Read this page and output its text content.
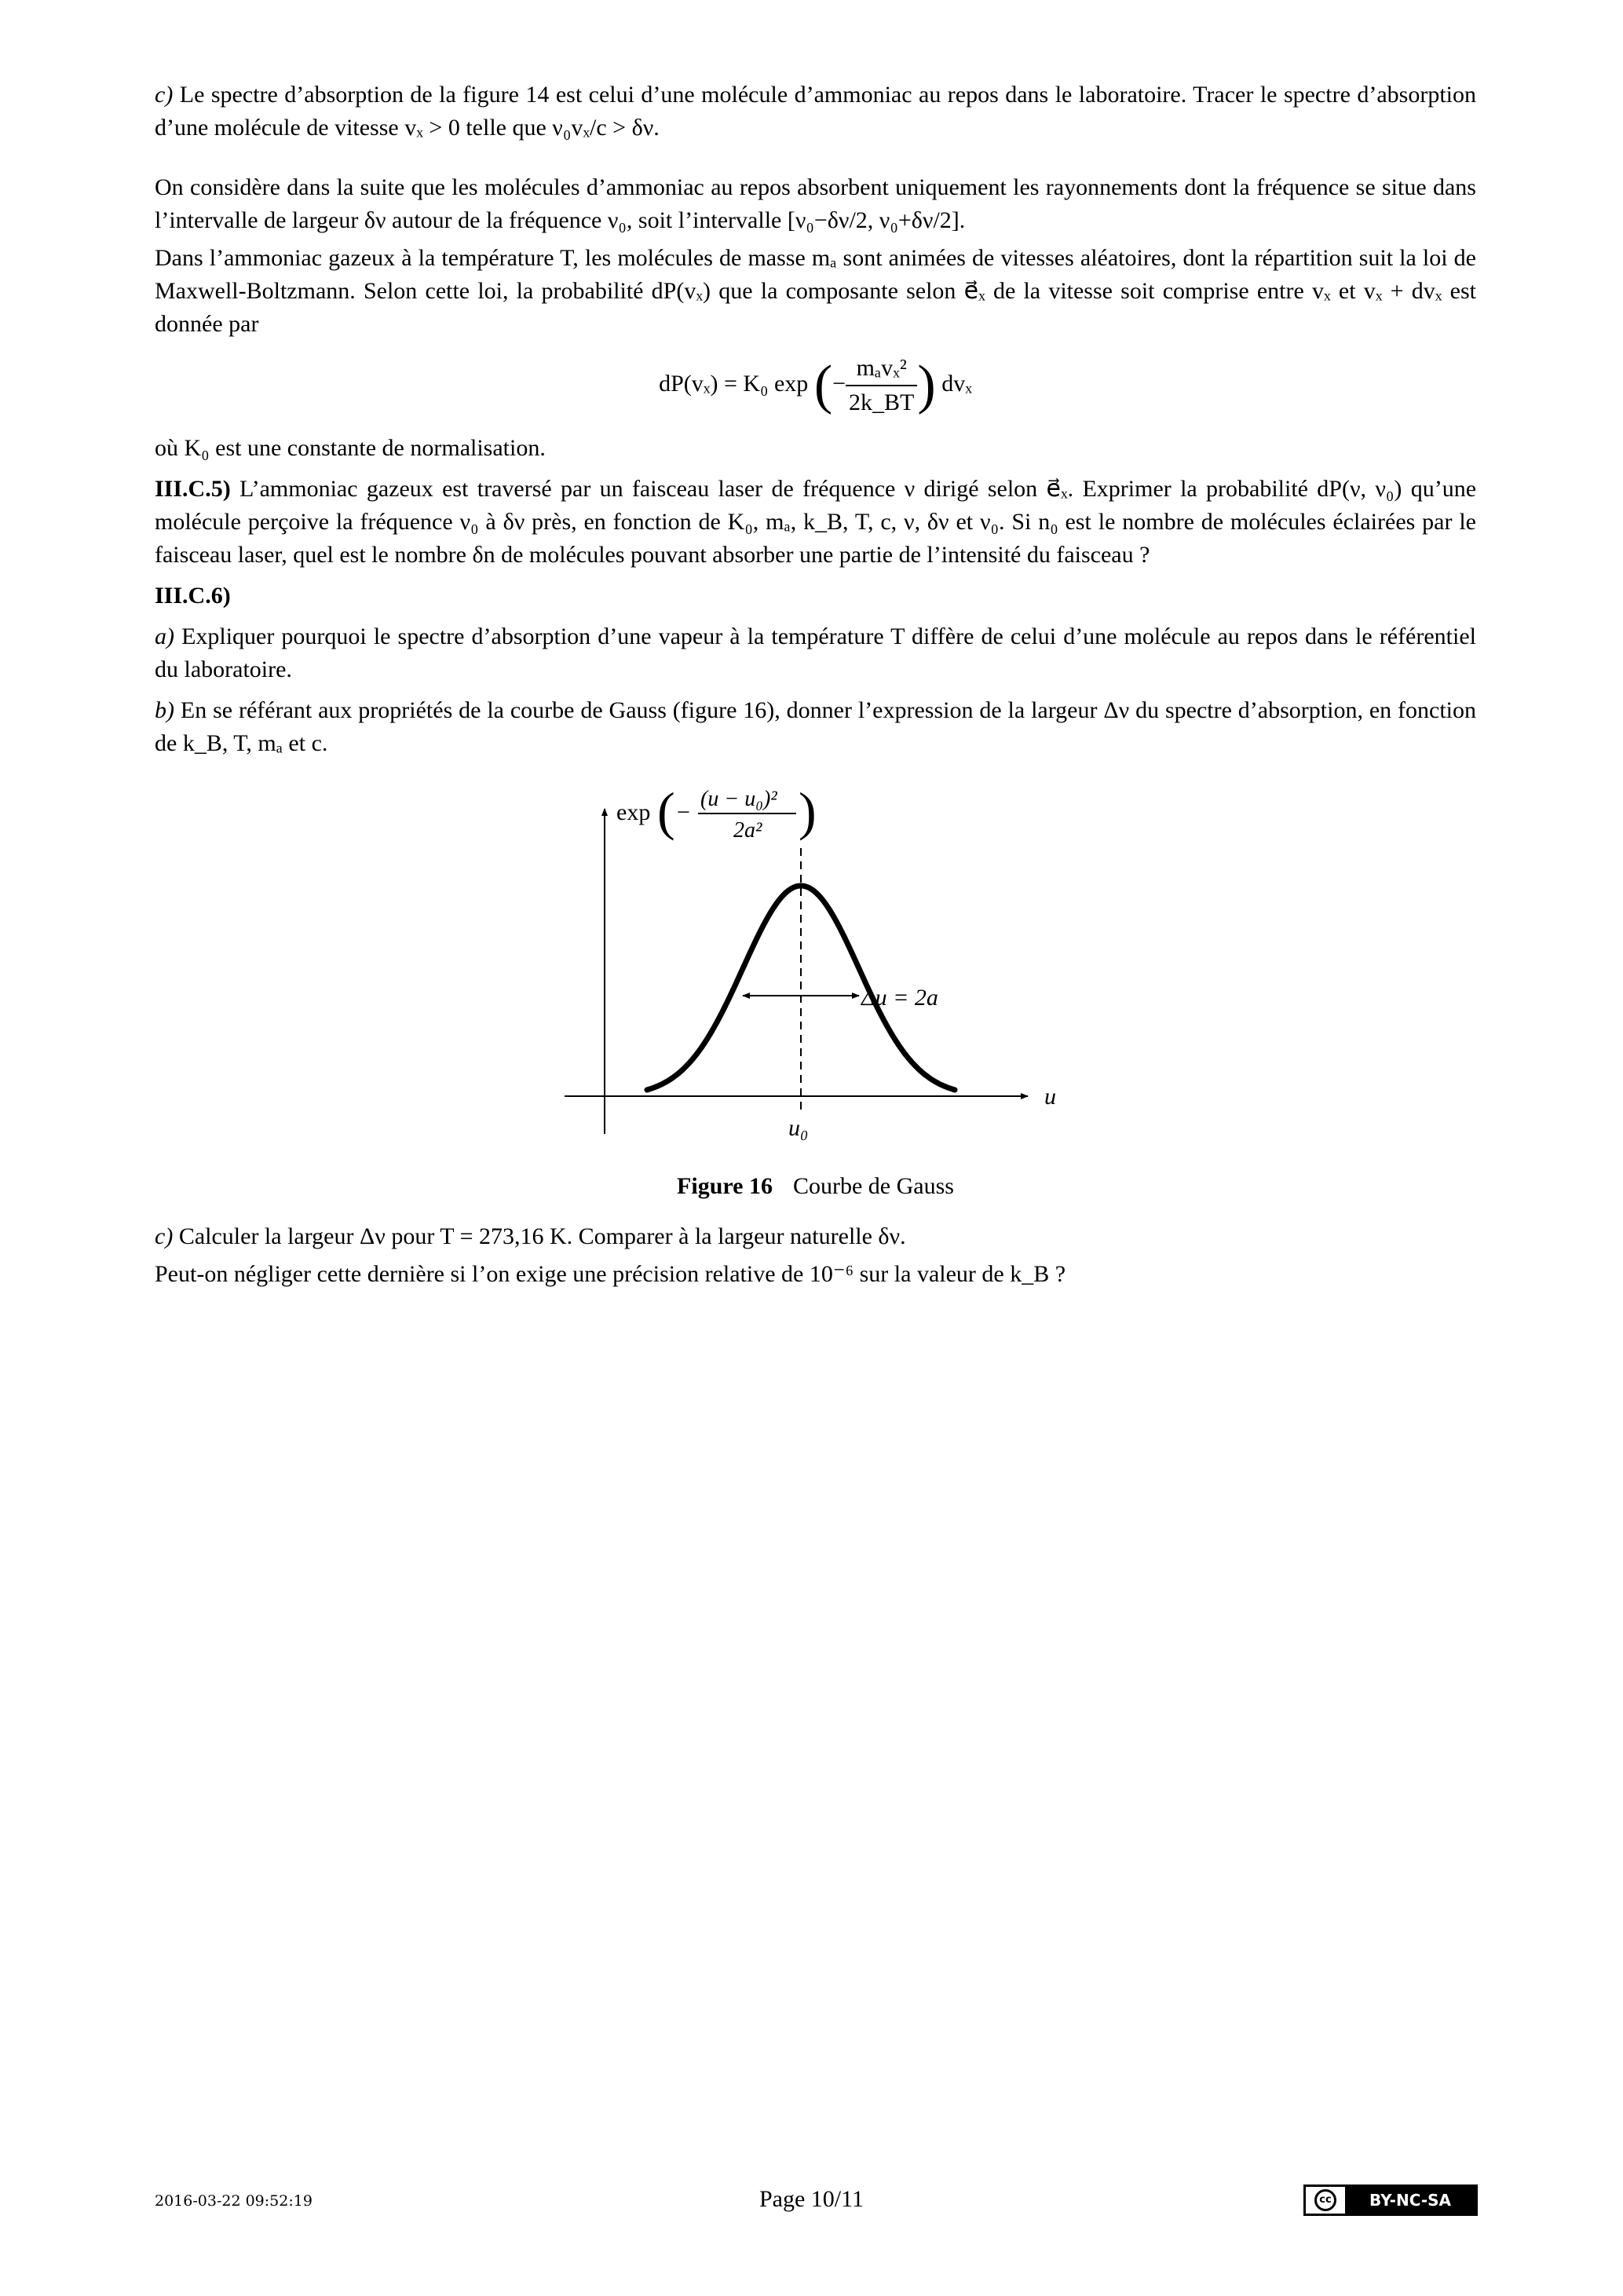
c) Le spectre d’absorption de la figure 14 est celui d’une molécule d’ammoniac au repos dans le laboratoire. Tracer le spectre d’absorption d’une molécule de vitesse vₓ > 0 telle que ν₀vₓ/c > δν.

On considère dans la suite que les molécules d’ammoniac au repos absorbent uniquement les rayonnements dont la fréquence se situe dans l’intervalle de largeur δν autour de la fréquence ν₀, soit l’intervalle [ν₀−δν/2, ν₀+δν/2].

Dans l’ammoniac gazeux à la température T, les molécules de masse mₐ sont animées de vitesses aléatoires, dont la répartition suit la loi de Maxwell-Boltzmann. Selon cette loi, la probabilité dP(vₓ) que la composante selon e⃗ₓ de la vitesse soit comprise entre vₓ et vₓ + dvₓ est donnée par

dP(vₓ) = K₀ exp (− $\frac{\text{mₐvₓ²}}{2k\_BT}$ ) dvₓ

où K₀ est une constante de normalisation.

III.C.5) L’ammoniac gazeux est traversé par un faisceau laser de fréquence ν dirigé selon e⃗ₓ. Exprimer la probabilité dP(ν, ν₀) qu’une molécule perçoive la fréquence ν₀ à δν près, en fonction de K₀, mₐ, k_B, T, c, ν, δν et ν₀. Si n₀ est le nombre de molécules éclairées par le faisceau laser, quel est le nombre δn de molécules pouvant absorber une partie de l’intensité du faisceau ?

III.C.6)

a) Expliquer pourquoi le spectre d’absorption d’une vapeur à la température T diffère de celui d’une molécule au repos dans le référentiel du laboratoire.

b) En se référant aux propriétés de la courbe de Gauss (figure 16), donner l’expression de la largeur Δν du spectre d’absorption, en fonction de k_B, T, mₐ et c.

exp ( −
(u − u₀)²
2a² )
Δu = 2a
u
u₀

Figure 16 Courbe de Gauss

c) Calculer la largeur Δν pour T = 273,16 K. Comparer à la largeur naturelle δν.

Peut-on négliger cette dernière si l’on exige une précision relative de 10⁻⁶ sur la valeur de k_B ?

2016-03-22 09:52:19	Page 10/11	cc	BY-NC-SA
